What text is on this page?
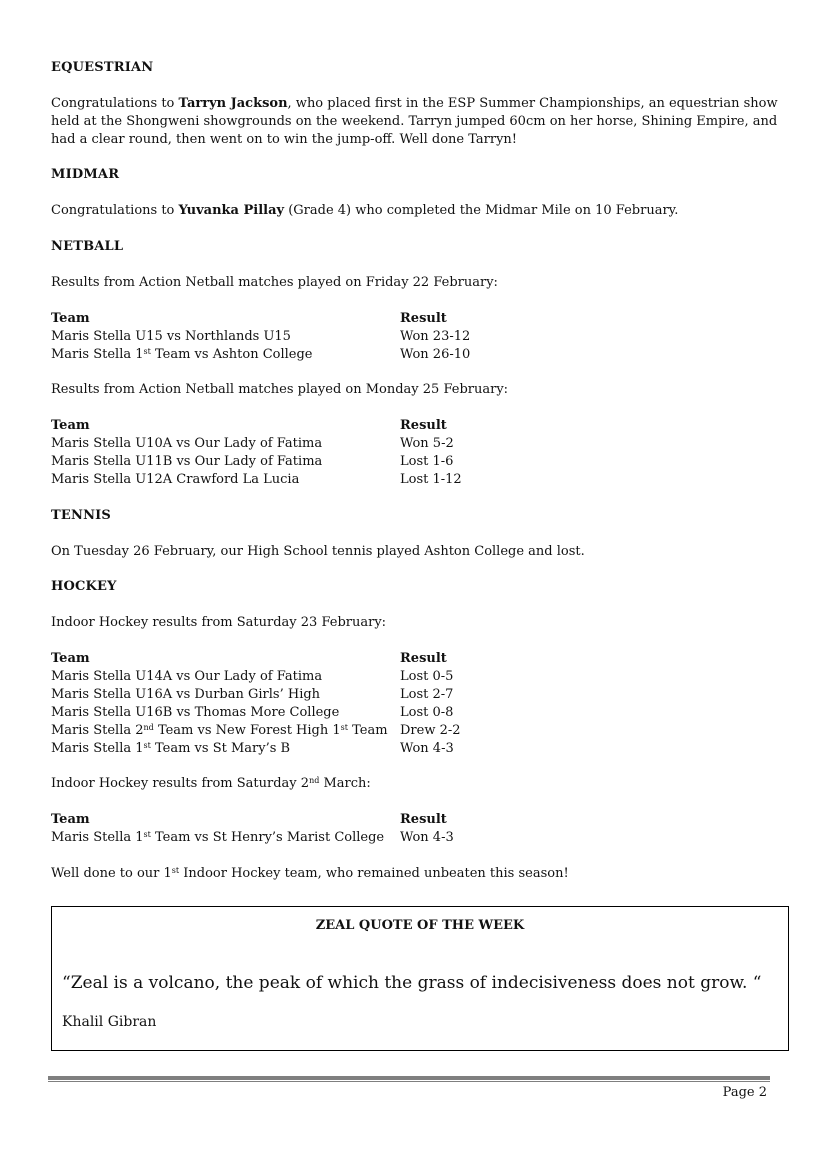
EQUESTRIAN
Congratulations to Tarryn Jackson, who placed first in the ESP Summer Championships, an equestrian show
held at the Shongweni showgrounds on the weekend. Tarryn jumped 60cm on her horse, Shining Empire, and
had a clear round, then went on to win the jump-off. Well done Tarryn!
MIDMAR
Congratulations to Yuvanka Pillay (Grade 4) who completed the Midmar Mile on 10 February.
NETBALL
Results from Action Netball matches played on Friday 22 February:
Team	Result
Maris Stella U15 vs Northlands U15	Won 23-12
Maris Stella 1st Team vs Ashton College	Won 26-10
Results from Action Netball matches played on Monday 25 February:
Team	Result
Maris Stella U10A vs Our Lady of Fatima	Won 5-2
Maris Stella U11B vs Our Lady of Fatima	Lost 1-6
Maris Stella U12A Crawford La Lucia	Lost 1-12
TENNIS
On Tuesday 26 February, our High School tennis played Ashton College and lost.
HOCKEY
Indoor Hockey results from Saturday 23 February:
Team	Result
Maris Stella U14A vs Our Lady of Fatima	Lost 0-5
Maris Stella U16A vs Durban Girls’ High	Lost 2-7
Maris Stella U16B vs Thomas More College	Lost 0-8
Maris Stella 2nd Team vs New Forest High 1st Team Drew 2-2
Maris Stella 1st Team vs St Mary’s B	Won 4-3
Indoor Hockey results from Saturday 2nd March:
Team	Result
Maris Stella 1st Team vs St Henry’s Marist College Won 4-3
Well done to our 1st Indoor Hockey team, who remained unbeaten this season!
ZEAL QUOTE OF THE WEEK
“Zeal is a volcano, the peak of which the grass of indecisiveness does not grow. “
Khalil Gibran
Page 2
